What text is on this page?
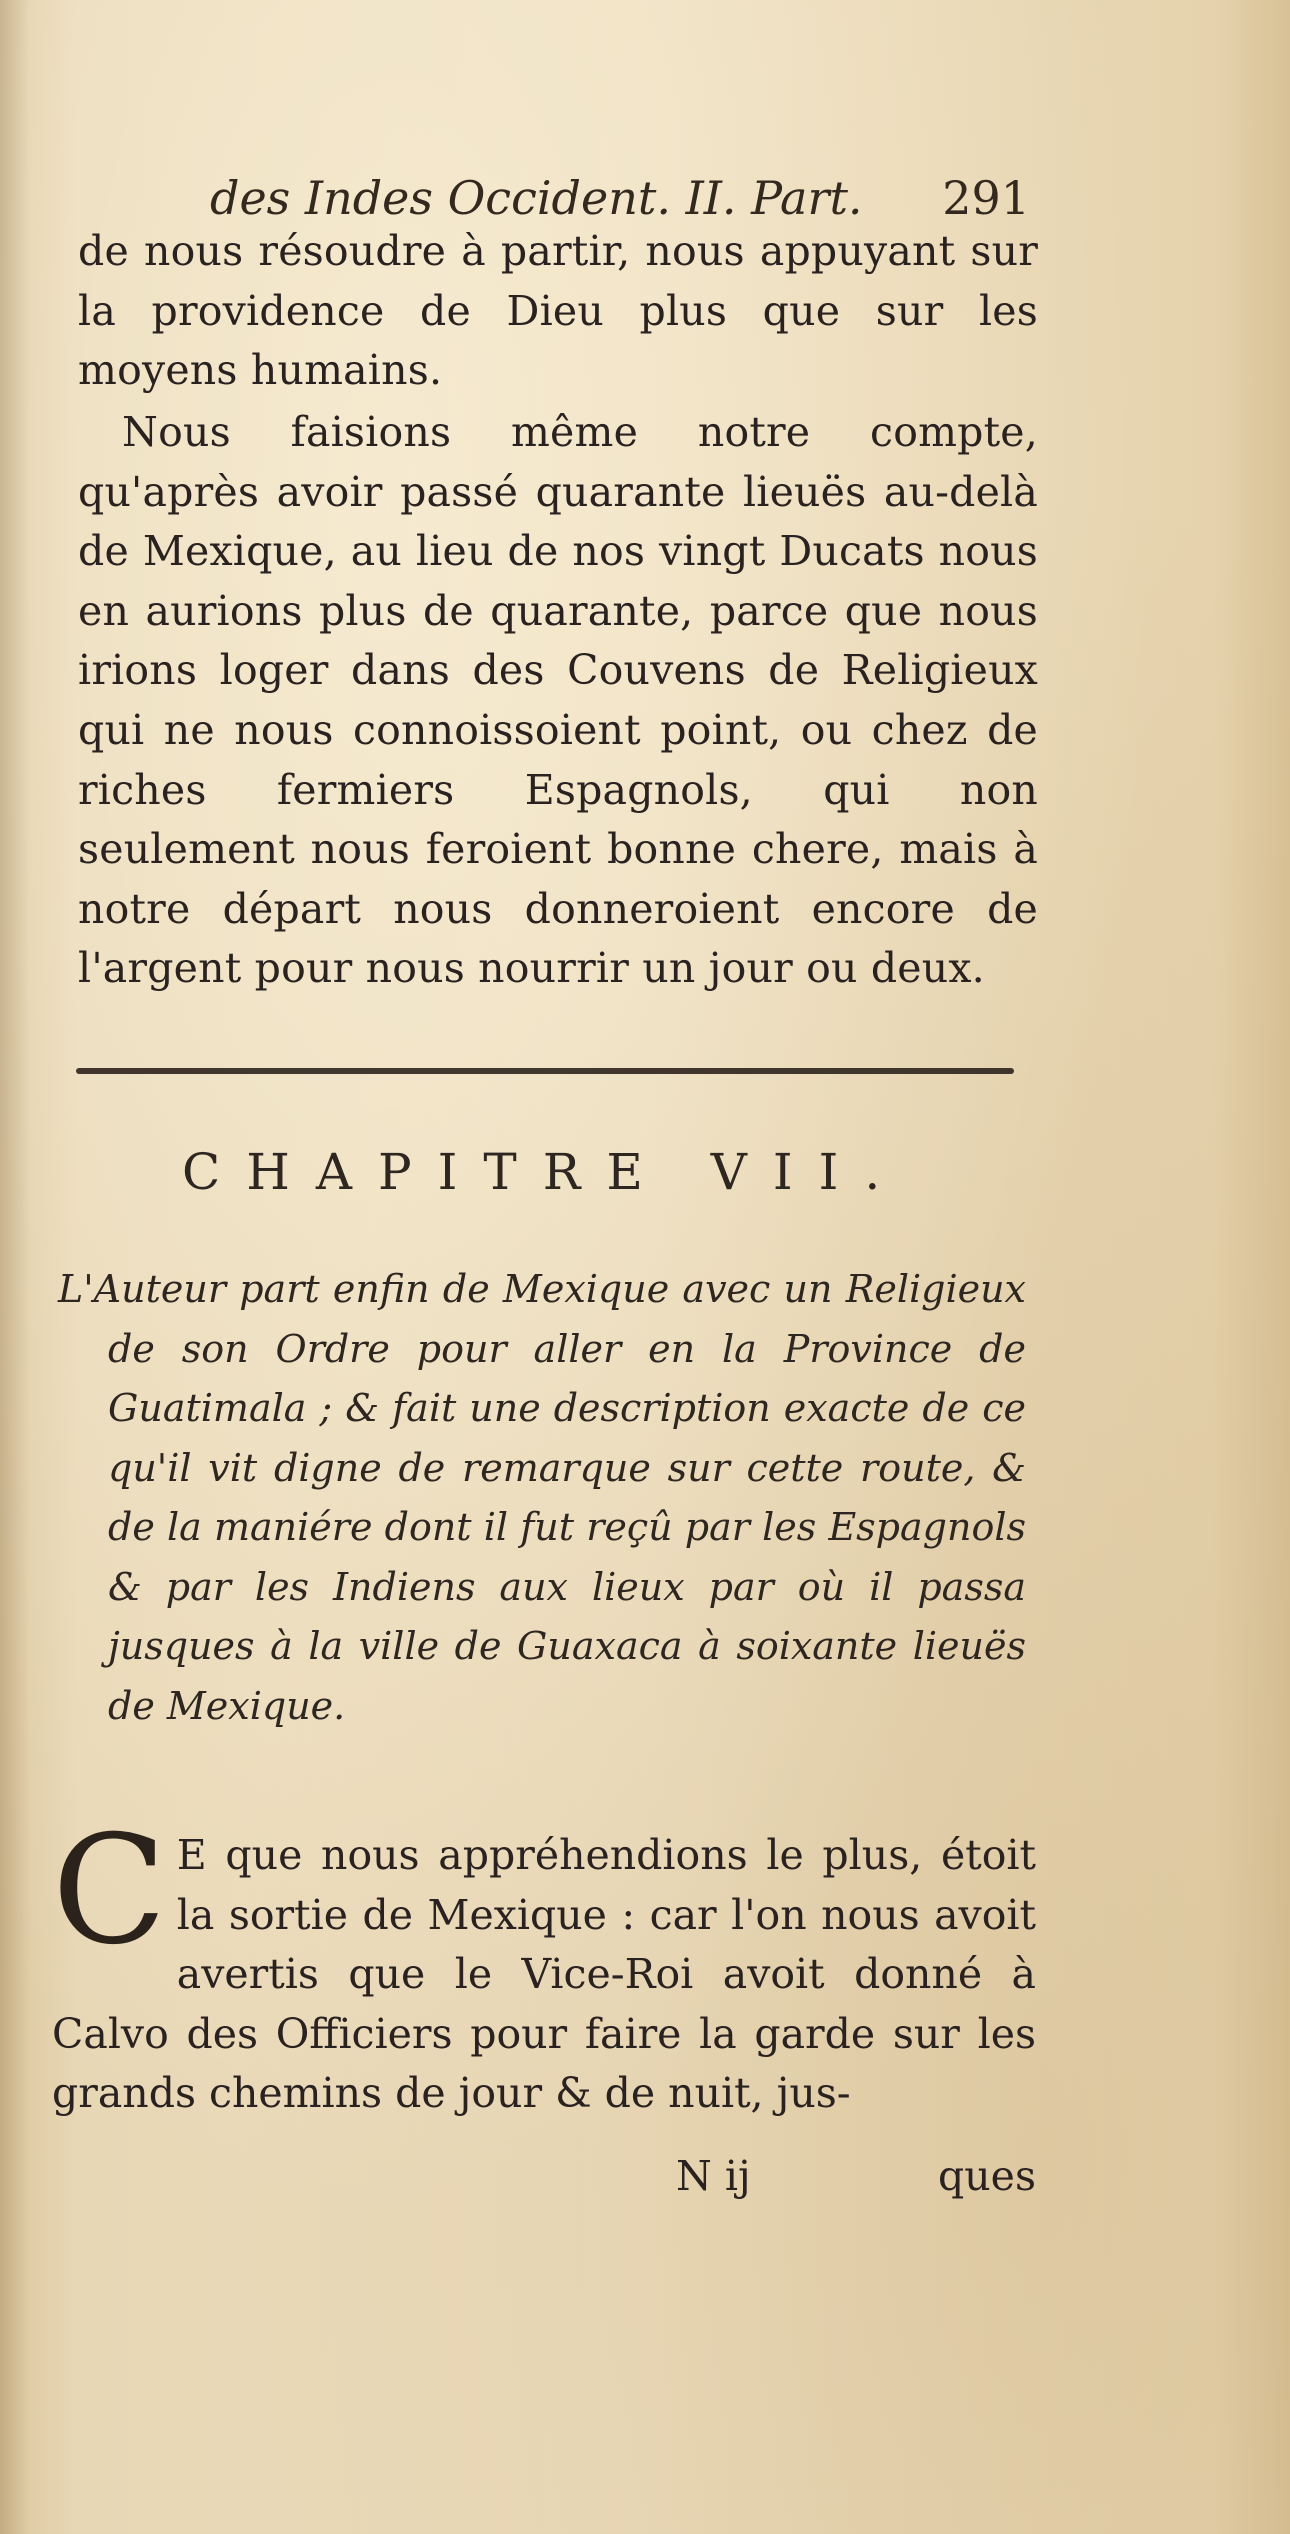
des Indes Occident. II. Part. 291

de nous résoudre à partir, nous appuyant sur la providence de Dieu plus que sur les moyens humains.

Nous faisions même notre compte, qu'après avoir passé quarante lieuës au-delà de Mexique, au lieu de nos vingt Ducats nous en aurions plus de quarante, parce que nous irions loger dans des Couvens de Religieux qui ne nous connoissoient point, ou chez de riches fermiers Espagnols, qui non seulement nous feroient bonne chere, mais à notre départ nous donneroient encore de l'argent pour nous nourrir un jour ou deux.

CHAPITRE VII.

L'Auteur part enfin de Mexique avec un Religieux de son Ordre pour aller en la Province de Guatimala ; & fait une description exacte de ce qu'il vit digne de remarque sur cette route, & de la maniére dont il fut reçû par les Espagnols & par les Indiens aux lieux par où il passa jusques à la ville de Guaxaca à soixante lieuës de Mexique.

C E que nous appréhendions le plus, étoit la sortie de Mexique : car l'on nous avoit avertis que le Vice-Roi avoit donné à Calvo des Officiers pour faire la garde sur les grands chemins de jour & de nuit, jus-

N ij	ques
